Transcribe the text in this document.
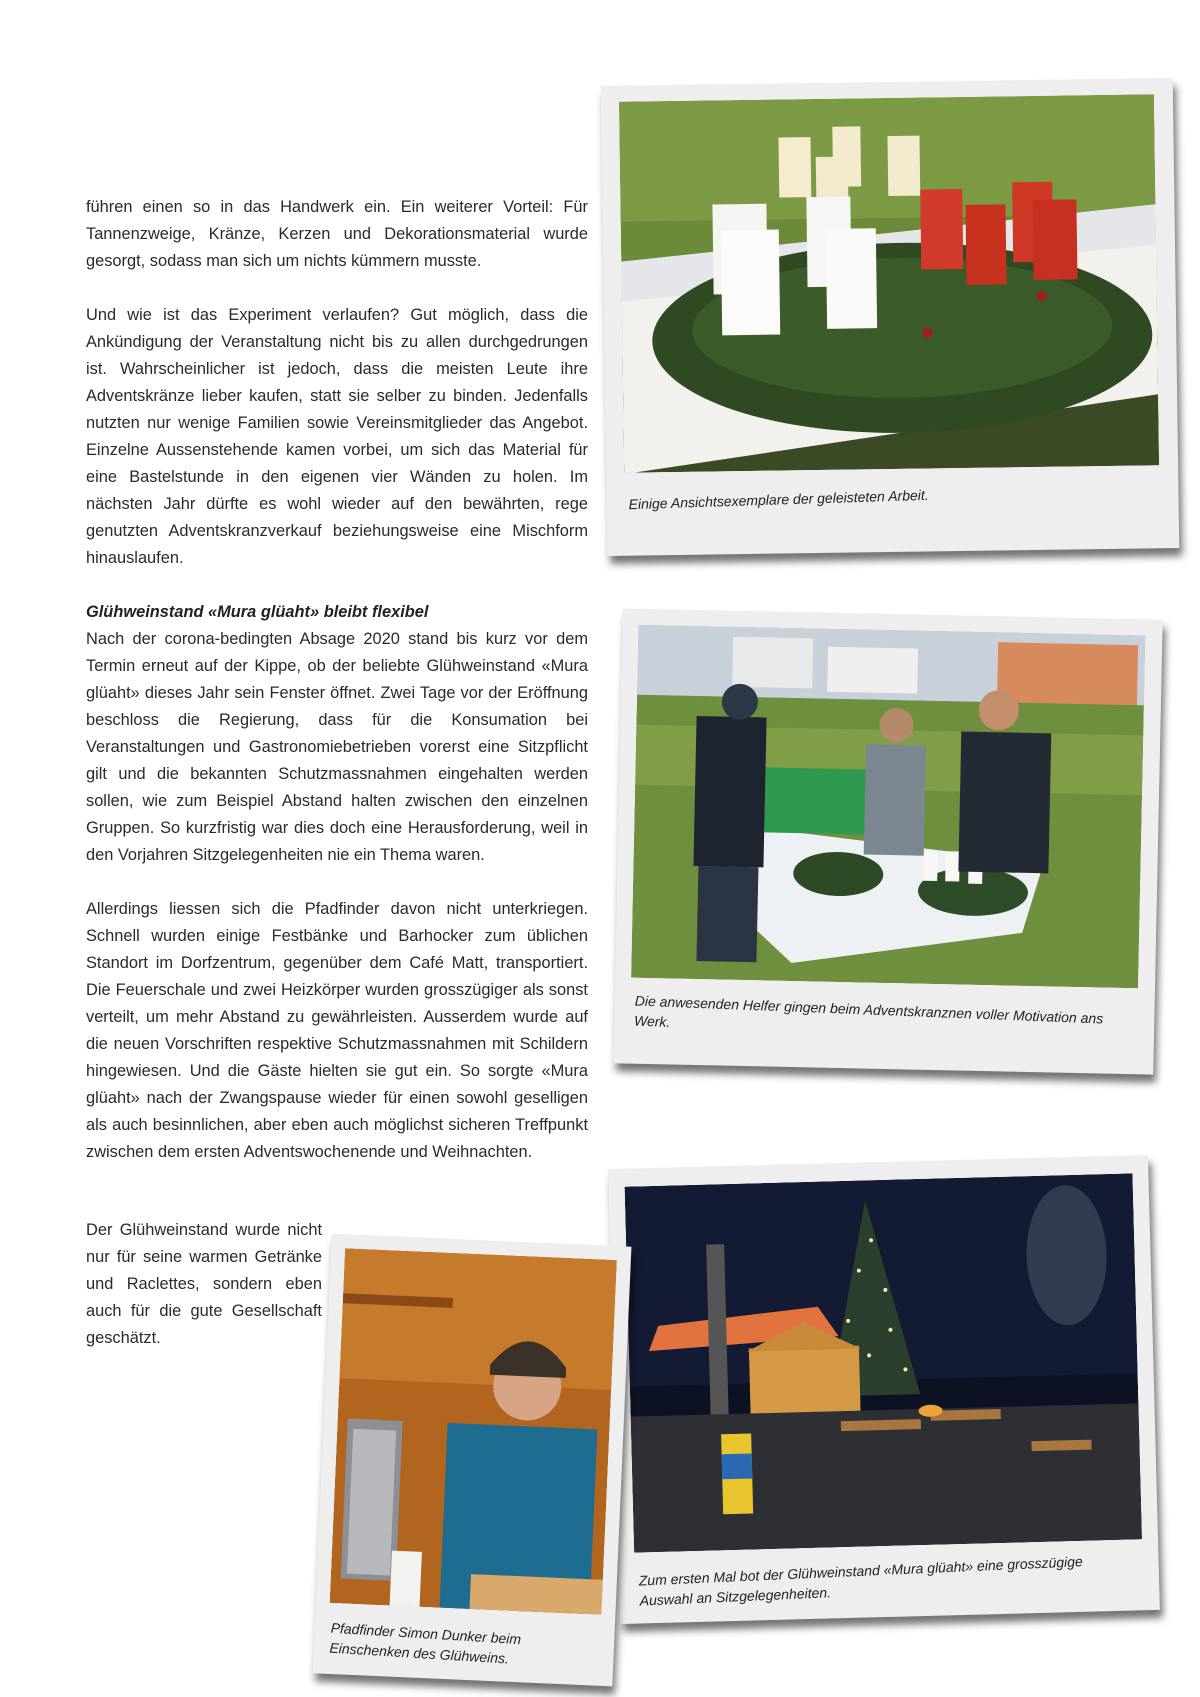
führen einen so in das Handwerk ein. Ein weiterer Vorteil: Für Tannenzweige, Kränze, Kerzen und Dekorationsmaterial wurde gesorgt, sodass man sich um nichts kümmern musste.

Und wie ist das Experiment verlaufen? Gut möglich, dass die Ankündigung der Veranstaltung nicht bis zu allen durchgedrungen ist. Wahrscheinlicher ist jedoch, dass die meisten Leute ihre Adventskränze lieber kaufen, statt sie selber zu binden. Jedenfalls nutzten nur wenige Familien sowie Vereinsmitglieder das Angebot. Einzelne Aussenstehende kamen vorbei, um sich das Material für eine Bastelstunde in den eigenen vier Wänden zu holen. Im nächsten Jahr dürfte es wohl wieder auf den bewährten, rege genutzten Adventskranzverkauf beziehungsweise eine Mischform hinauslaufen.

Glühweinstand «Mura glüaht» bleibt flexibel

Nach der corona-bedingten Absage 2020 stand bis kurz vor dem Termin erneut auf der Kippe, ob der beliebte Glühweinstand «Mura glüaht» dieses Jahr sein Fenster öffnet. Zwei Tage vor der Eröffnung beschloss die Regierung, dass für die Konsumation bei Veranstaltungen und Gastronomiebetrieben vorerst eine Sitzpflicht gilt und die bekannten Schutzmassnahmen eingehalten werden sollen, wie zum Beispiel Abstand halten zwischen den einzelnen Gruppen. So kurzfristig war dies doch eine Herausforderung, weil in den Vorjahren Sitzgelegenheiten nie ein Thema waren.

Allerdings liessen sich die Pfadfinder davon nicht unterkriegen. Schnell wurden einige Festbänke und Barhocker zum üblichen Standort im Dorfzentrum, gegenüber dem Café Matt, transportiert. Die Feuerschale und zwei Heizkörper wurden grosszügiger als sonst verteilt, um mehr Abstand zu gewährleisten. Ausserdem wurde auf die neuen Vorschriften respektive Schutzmassnahmen mit Schildern hingewiesen. Und die Gäste hielten sie gut ein. So sorgte «Mura glüaht» nach der Zwangspause wieder für einen sowohl geselligen als auch besinnlichen, aber eben auch möglichst sicheren Treffpunkt zwischen dem ersten Adventswochenende und Weihnachten.

Der Glühweinstand wurde nicht nur für seine warmen Getränke und Raclettes, sondern eben auch für die gute Gesellschaft geschätzt.
Einige Ansichtsexemplare der geleisteten Arbeit.
Die anwesenden Helfer gingen beim Adventskranznen voller Motivation ans Werk.
Zum ersten Mal bot der Glühweinstand «Mura glüaht» eine grosszügige Auswahl an Sitzgelegenheiten.
Pfadfinder Simon Dunker beim Einschenken des Glühweins.
